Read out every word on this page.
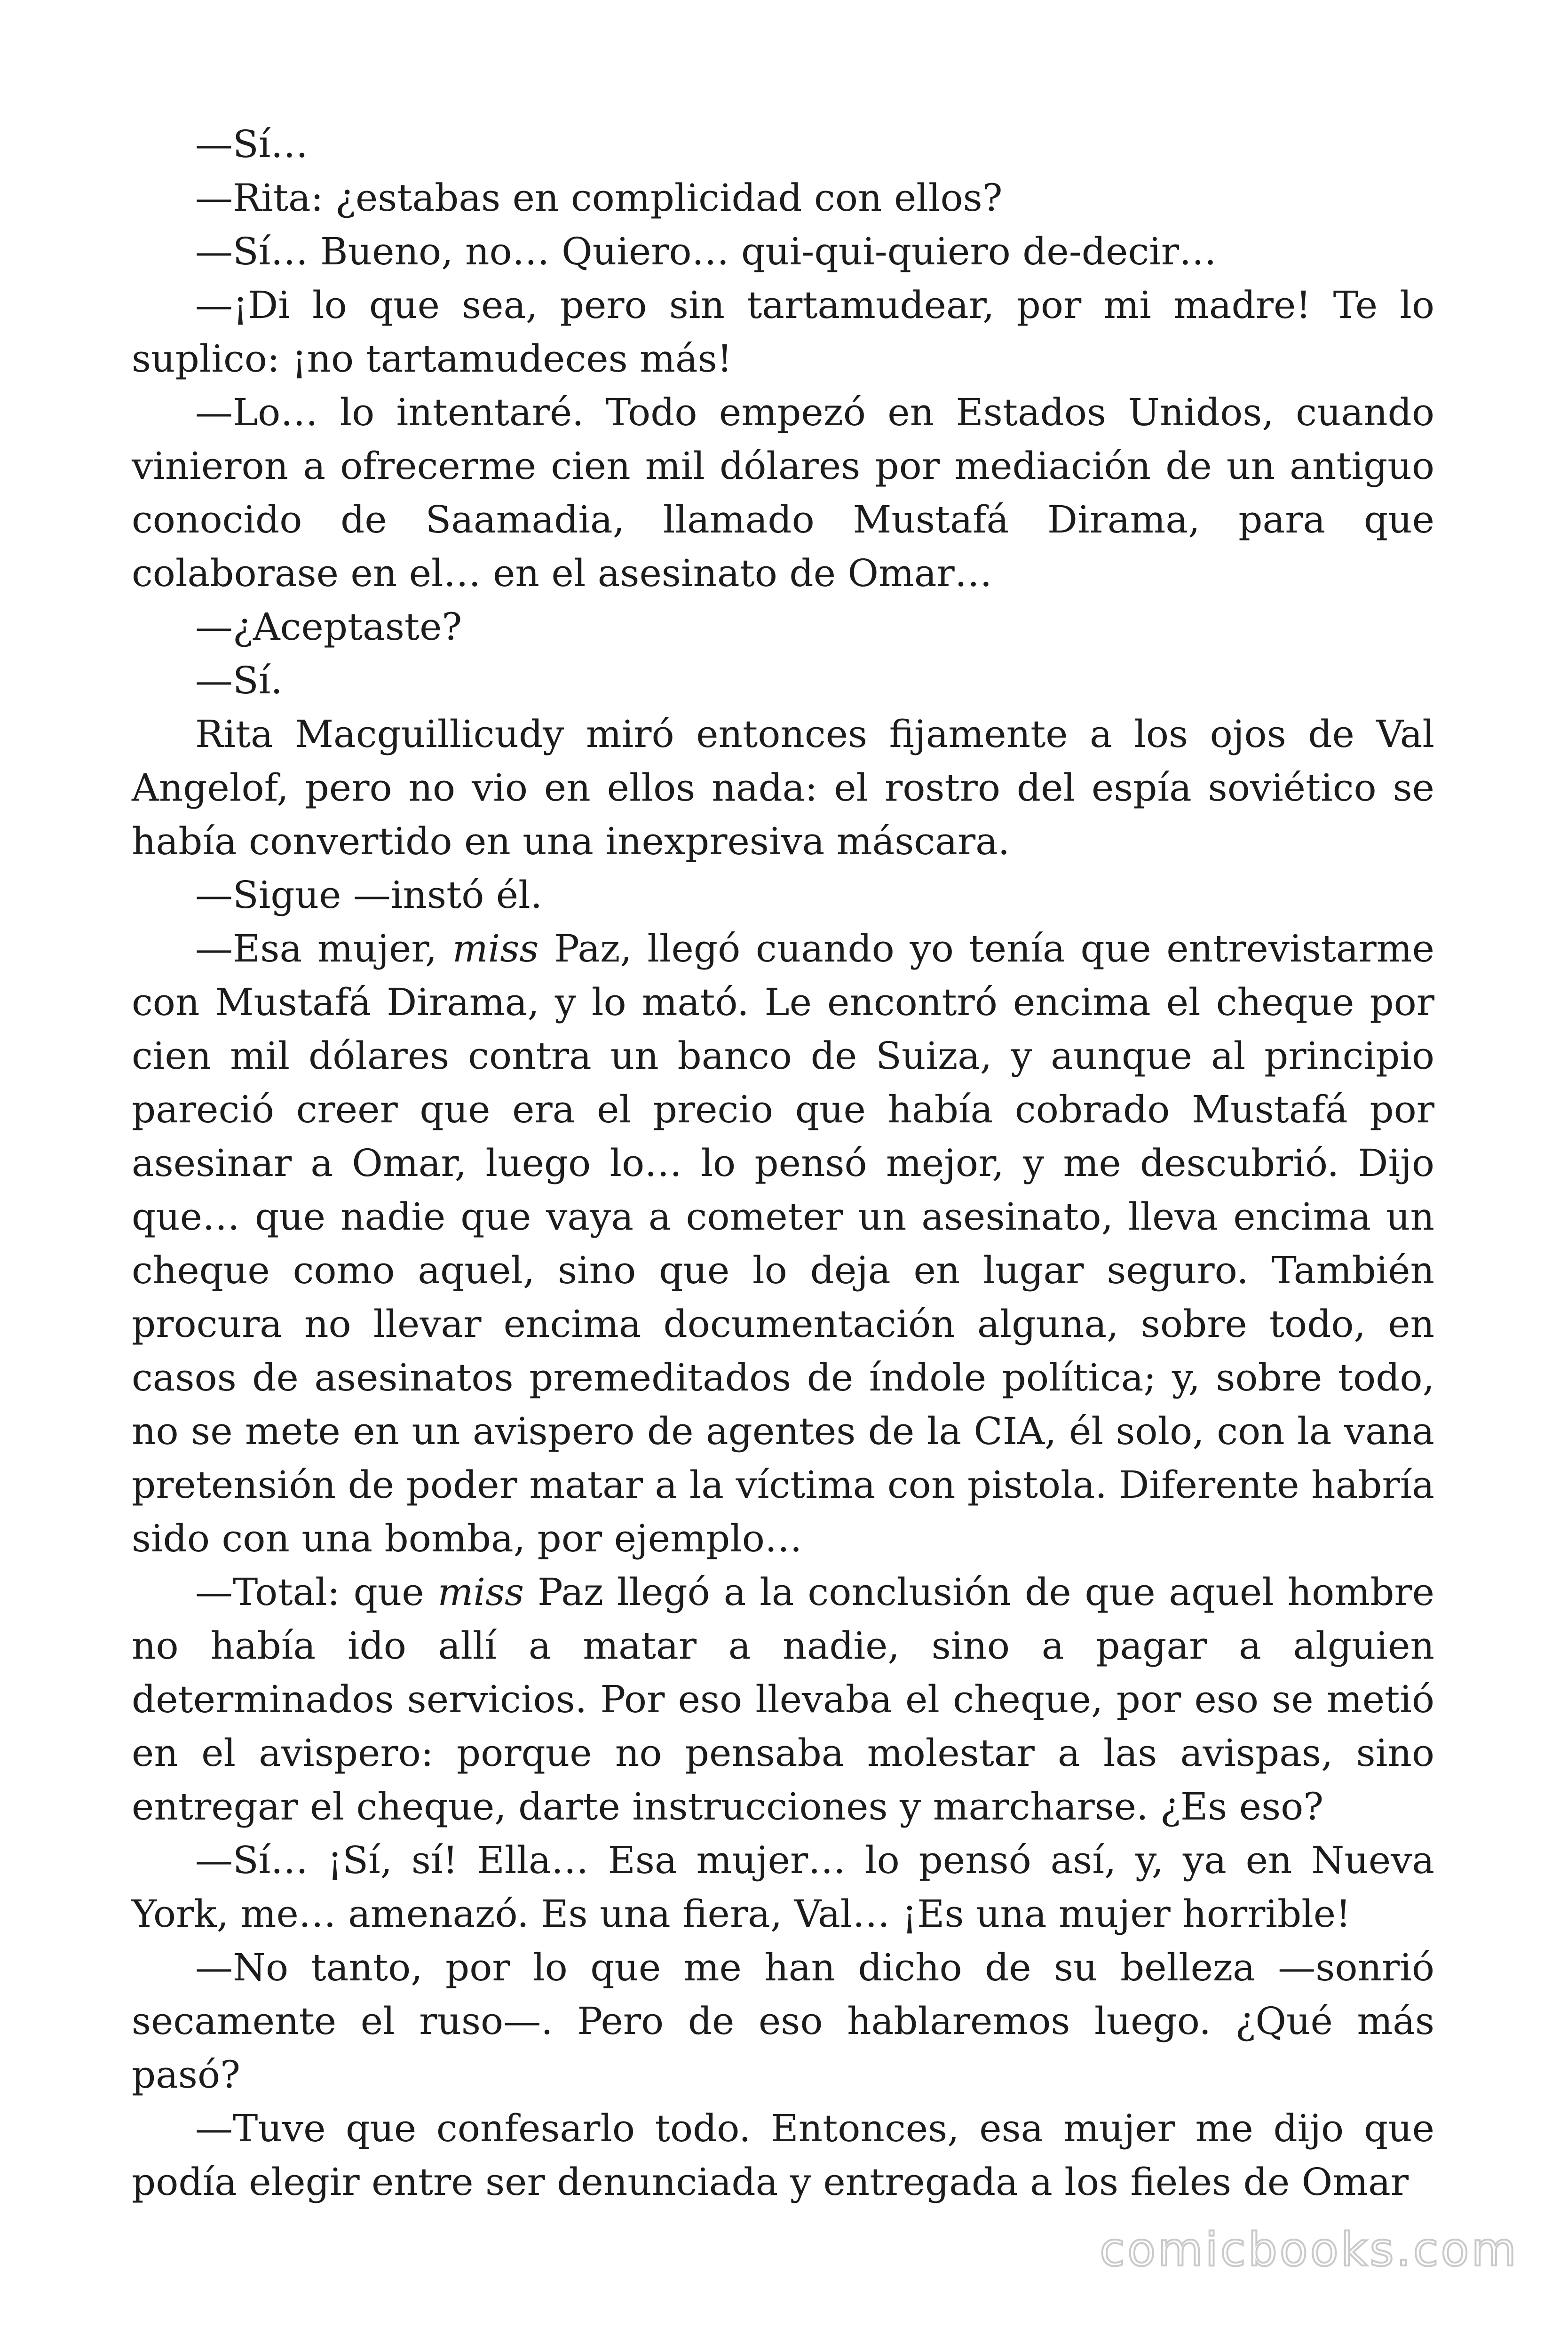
—Sí…

—Rita: ¿estabas en complicidad con ellos?

—Sí… Bueno, no… Quiero… qui-qui-quiero de-decir…

—¡Di lo que sea, pero sin tartamudear, por mi madre! Te lo suplico: ¡no tartamudeces más!

—Lo… lo intentaré. Todo empezó en Estados Unidos, cuando vinieron a ofrecerme cien mil dólares por mediación de un antiguo conocido de Saamadia, llamado Mustafá Dirama, para que colaborase en el… en el asesinato de Omar…

—¿Aceptaste?

—Sí.

Rita Macguillicudy miró entonces fijamente a los ojos de Val Angelof, pero no vio en ellos nada: el rostro del espía soviético se había convertido en una inexpresiva máscara.

—Sigue —instó él.

—Esa mujer, miss Paz, llegó cuando yo tenía que entrevistarme con Mustafá Dirama, y lo mató. Le encontró encima el cheque por cien mil dólares contra un banco de Suiza, y aunque al principio pareció creer que era el precio que había cobrado Mustafá por asesinar a Omar, luego lo… lo pensó mejor, y me descubrió. Dijo que… que nadie que vaya a cometer un asesinato, lleva encima un cheque como aquel, sino que lo deja en lugar seguro. También procura no llevar encima documentación alguna, sobre todo, en casos de asesinatos premeditados de índole política; y, sobre todo, no se mete en un avispero de agentes de la CIA, él solo, con la vana pretensión de poder matar a la víctima con pistola. Diferente habría sido con una bomba, por ejemplo…

—Total: que miss Paz llegó a la conclusión de que aquel hombre no había ido allí a matar a nadie, sino a pagar a alguien determinados servicios. Por eso llevaba el cheque, por eso se metió en el avispero: porque no pensaba molestar a las avispas, sino entregar el cheque, darte instrucciones y marcharse. ¿Es eso?

—Sí… ¡Sí, sí! Ella… Esa mujer… lo pensó así, y, ya en Nueva York, me… amenazó. Es una fiera, Val… ¡Es una mujer horrible!

—No tanto, por lo que me han dicho de su belleza —sonrió secamente el ruso—. Pero de eso hablaremos luego. ¿Qué más pasó?

—Tuve que confesarlo todo. Entonces, esa mujer me dijo que podía elegir entre ser denunciada y entregada a los fieles de Omar

comicbooks.com
